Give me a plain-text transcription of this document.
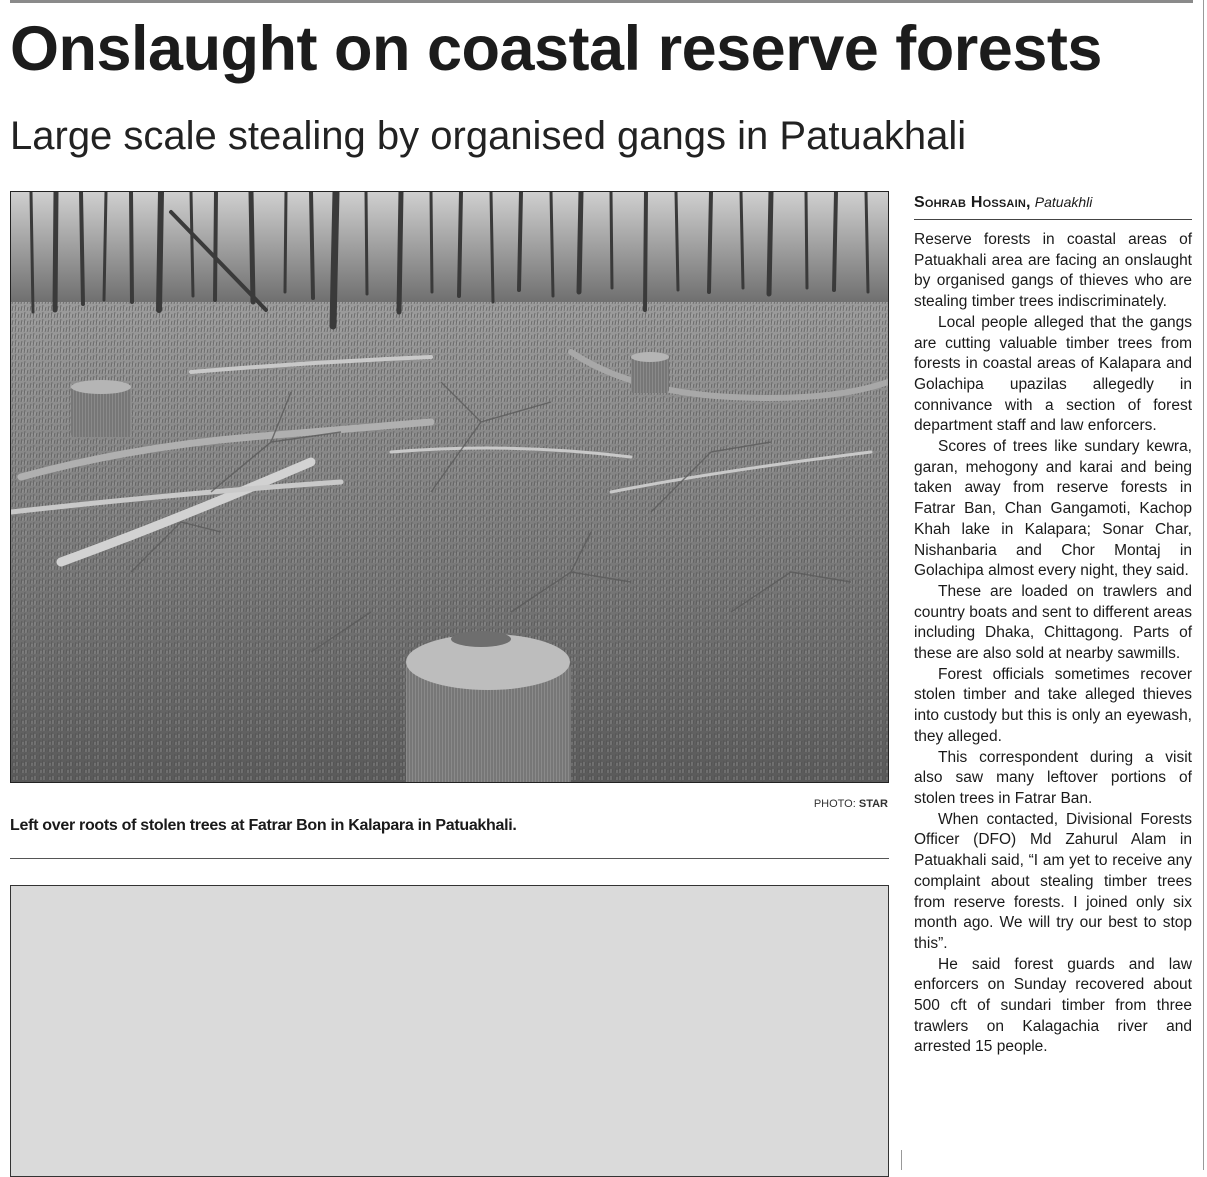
Onslaught on coastal reserve forests
Large scale stealing by organised gangs in Patuakhali
PHOTO: STAR
Left over roots of stolen trees at Fatrar Bon in Kalapara in Patuakhali.
Sohrab Hossain, Patuakhli

Reserve forests in coastal areas of Patuakhali area are facing an onslaught by organised gangs of thieves who are stealing timber trees indiscriminately.

Local people alleged that the gangs are cutting valuable timber trees from forests in coastal areas of Kalapara and Golachipa upazilas allegedly in connivance with a section of forest department staff and law enforcers.

Scores of trees like sundary kewra, garan, mehogony and karai and being taken away from reserve forests in Fatrar Ban, Chan Gangamoti, Kachop Khah lake in Kalapara; Sonar Char, Nishanbaria and Chor Montaj in Golachipa almost every night, they said.

These are loaded on trawlers and country boats and sent to different areas including Dhaka, Chittagong. Parts of these are also sold at nearby sawmills.

Forest officials sometimes recover stolen timber and take alleged thieves into custody but this is only an eyewash, they alleged.

This correspondent during a visit also saw many leftover portions of stolen trees in Fatrar Ban.

When contacted, Divisional Forests Officer (DFO) Md Zahurul Alam in Patuakhali said, “I am yet to receive any complaint about stealing timber trees from reserve forests. I joined only six month ago. We will try our best to stop this”.

He said forest guards and law enforcers on Sunday recovered about 500 cft of sundari timber from three trawlers on Kalagachia river and arrested 15 people.
